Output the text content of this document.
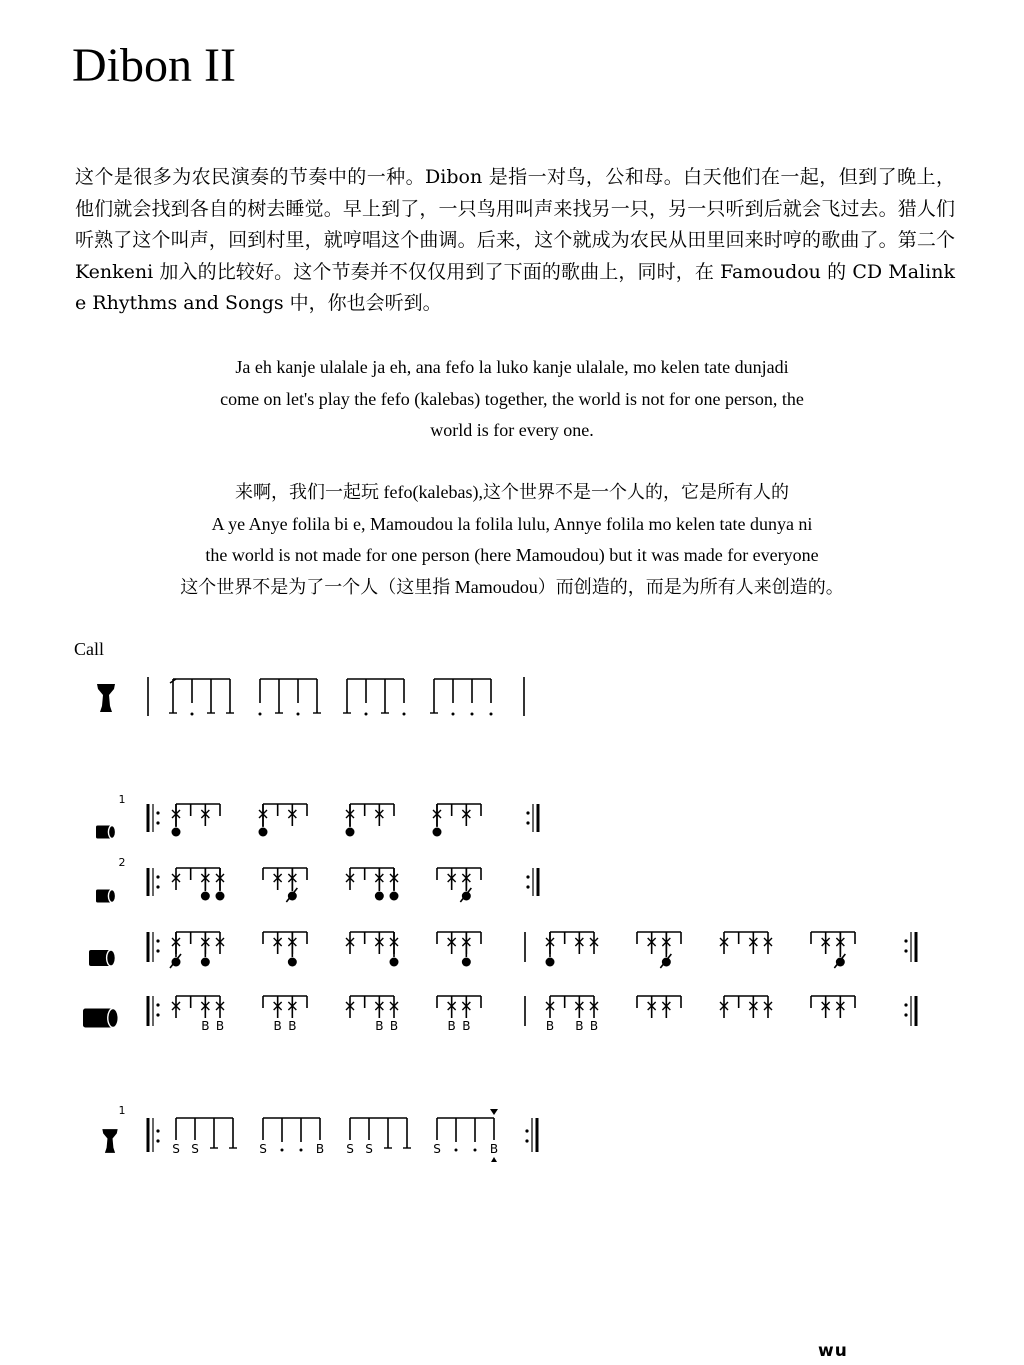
Dibon II

这个是很多为农民演奏的节奏中的一种。Dibon 是指一对鸟，公和母。白天他们在一起，但到了晚上，他们就会找到各自的树去睡觉。早上到了，一只鸟用叫声来找另一只，另一只听到后就会飞过去。猎人们听熟了这个叫声，回到村里，就哼唱这个曲调。后来，这个就成为农民从田里回来时哼的歌曲了。第二个 Kenkeni 加入的比较好。这个节奏并不仅仅用到了下面的歌曲上，同时，在 Famoudou 的 CD Malinke Rhythms and Songs 中，你也会听到。

Ja eh kanje ulalale ja eh, ana fefo la luko kanje ulalale, mo kelen tate dunjadi
come on let's play the fefo (kalebas) together, the world is not for one person, the
world is for every one.
来啊，我们一起玩 fefo(kalebas),这个世界不是一个人的，它是所有人的
A ye Anye folila bi e, Mamoudou la folila lulu, Annye folila mo kelen tate dunya ni
the world is not made for one person (here Mamoudou) but it was made for everyone
这个世界不是为了一个人（这里指 Mamoudou）而创造的，而是为所有人来创造的。
Call
1
2
B B	B B	B B	B B	B B B
1
S S	S	B S S	S	B
wu
